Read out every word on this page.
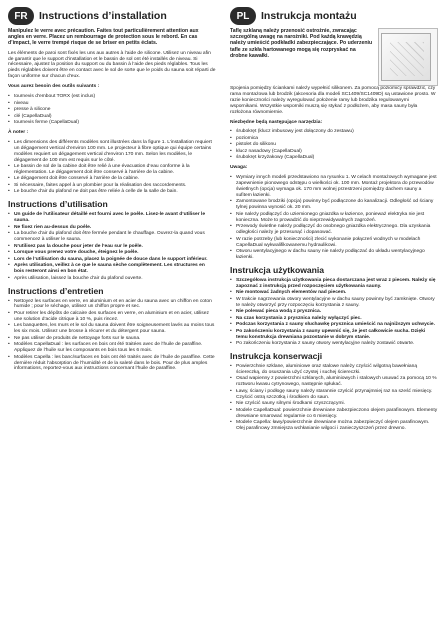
FR	Instructions d’installation
Manipulez le verre avec précaution. Faites tout particulièrement attention aux angles en verre. Placez un rembourrage de protection sous le rebord. En cas d’impact, le verre trempé risque de se briser en petits éclats.

Les éléments de paroi sont fixés les uns aux autres à l’aide de silicone. Utilisez un niveau afin de garantir que le support d’installation et le bassin de sol ont été installés de niveau. Si nécessaire, ajustez la position du support ou du bassin à l’aide des pieds réglables. Tous les pieds réglables doivent être en contact avec le sol de sorte que le poids du sauna soit réparti de façon uniforme sur chacun d’eux.

Vous aurez besoin des outils suivants :

• tournevis d’embout TORX (est inclus)
• niveau
• presse à silicone
• clé (CapellaDual)
• tournevis ferme (CapellaDual)

À noter :

• Les dimensions des différents modèles sont illustrées dans la figure 1. L’installation requiert un dégagement vertical d’environ 100 mm. Le projecteur à fibre optique qui équipe certains modèles requiert un dégagement vertical d’environ 170 mm. Selon les modèles, le dégagement de 100 mm est requis sur le côté.
• Le bassin de sol de la cabine doit être relié à une évacuation d’eau conforme à la réglementation. Le dégagement doit être conservé à l’arrière de la cabine.
• Le dégagement doit être conservé à l’arrière de la cabine.
• Si nécessaire, faites appel à un plombier pour la réalisation des raccordements.
• Le bouche d’air du plafond ne doit pas être reliée à celle de la salle de bain.
Instructions d’utilisation
• Un guide de l’utilisateur détaillé est fourni avec le poêle. Lisez-le avant d’utiliser le sauna.
• Ne fixez rien au-dessus du poêle.
• La bouche d’air du plafond doit être fermée pendant le chauffage. Ouvrez-la quand vous commencez à utiliser le sauna.
• N’utilisez pas la douche pour jeter de l’eau sur le poêle.
• Lorsque vous prenez votre douche, éteignez le poêle.
• Lors de l’utilisation du sauna, placez la poignée de douce dans le support inférieur.
• Après utilisation, veillez à ce que le sauna sèche complètement. Les structures en bois resteront ainsi en bon état.
• Après utilisation, laissez la bouche d’air du plafond ouverte.
Instructions d’entretien
• Nettoyez les surfaces en verre, en aluminium et en acier du sauna avec un chiffon en coton humide ; pour le séchage, utilisez un chiffon propre et sec.
• Pour retirer les dépôts de calcaire des surfaces en verre, en aluminium et en acier, utilisez une solution d’acide citrique à 10 %, puis rincez.
• Les banquettes, les murs et le sol du sauna doivent être soigneusement lavés au moins tous les six mois. Utilisez une brosse à récurer et du détergent pour sauna.
• Ne pas utiliser de produits de nettoyage forts sur le sauna.
• Modèles CapellaDual : les surfaces en bois ont été traitées avec de l’huile de paraffine. Appliquez de l’huile sur les composants en bois tous les 6 mois.
• Modèles Capella : les banc/surfaces en bois ont été traités avec de l’huile de paraffine. Cette dernière réduit l’absorption de l’humidité et de la saleté dans le bois. Pour de plus amples informations, reportez-vous aux instructions concernant l’huile de paraffine.
PL	Instrukcja montażu
Taflę szklaną należy przenosić ostrożnie, zwracając szczególną uwagę na narożniki. Pod każdą krawędzią należy umieścić podkładki zabezpieczające. Po uderzeniu tafle ze szkła hartowanego mogą się rozpryskać na drobne kawałki.

Spojenia pomiędzy ściankami należy wypełnić silikonem. Za pomocą poziomicy sprawdzić, czy rama montażowa lub brodzik (akcesoria dla modeli SC1409/SC1409D) są ustawione prosto. W razie konieczności należy wyregulować położenie ramy lub brodzika regulowanymi wspornikami. Wszystkie wsporniki muszą się stykać z podłożem, aby masa sauny była rozłożona równomiernie.

Niezbędne będą następujące narzędzia:

• śrubokręt (klucz imbusowy jest dołączony do zestawu)
• poziomica
• pistolet do silikonu
• klucz nasadowy (CapellaDual)
• śrubokręt krzyżakowy (CapellaDual)

Uwaga:

• Wymiary innych modeli przedstawiono na rysunku 1. W celach montażowych wymagane jest zapewnienie pionowego odstępu o wielkości ok. 100 mm. Montaż projektora do przewodów świetlnych (opcja) wymaga ok. 170 mm wolnej przestrzeni pomiędzy dachem sauny a sufitem łazienki.
• Zamontowane brodziki (opcja) powinny być podłączone do kanalizacji. Odległość od ściany tylnej powinna wynosić ok. 20 mm.
• Nie należy podłączyć do uziemionego gniazdka w łazience, ponieważ elektryka nie jest konieczna. Może to prowadzić do nieprzewidywalnych zagrożeń.
• Przewody świetlne należy podłączyć do osobnego gniazdka elektrycznego. Dla uzyskania odległości należy je przesunąć i dopasować.
• W razie potrzeby (lub konieczności) zlecić wykonanie połączeń wodnych w modelach CapellaDual wykwalifikowanemu hydraulikowi.
• Otworu wentylacyjnego w dachu sauny nie należy podłączać do układu wentylacyjnego łazienki.
Instrukcja użytkowania
• Szczegółowa instrukcja użytkowania pieca dostarczana jest wraz z piecem. Należy się zapoznać z instrukcją przed rozpoczęciem użytkowania sauny.
• Nie montować żadnych elementów nad piecem.
• W trakcie nagrzewania otwory wentylacyjne w dachu sauny powinny być zamknięte. Otwory te należy otworzyć przy rozpoczęciu korzystania z sauny.
• Nie polewać pieca wodą z prysznica.
• Na czas korzystania z prysznica należy wyłączyć piec.
• Podczas korzystania z sauny słuchawkę prysznica umieścić na najniższym uchwycie.
• Po zakończeniu korzystania z sauny upewnić się, że jest całkowicie sucha. Dzięki temu konstrukcja drewniana pozostanie w dobrym stanie.
• Po zakończeniu korzystania z sauny otwory wentylacyjne należy zostawić otwarte.
Instrukcja konserwacji
• Powierzchnie szklane, aluminiowe oraz stalowe należy czyścić wilgotną bawełnianą ściereczką, do osuszania użyć czystej i suchej ściereczki.
• Osad wapienny z powierzchni szklanych, aluminiowych i stalowych usuwać za pomocą 10 % roztworu kwasu cytrynowego, następnie spłukać.
• Ławy, ściany i podłogę sauny należy starannie czyścić przynajmniej raz na sześć miesięcy. Czyścić ostrą szczotką i środkiem do saun.
• Nie czyścić sauny silnymi środkami czyszczącymi.
• Modele CapellaDual: powierzchnie drewniane zabezpieczono olejem parafinowym. Elementy drewniane smarować regularnie co 6 miesięcy.
• Modele Capella: ławy/powierzchnie drewniane można zabezpieczyć olejem parafinowym. Olej parafinowy zmniejsza wchłanianie wilgoci i zanieczyszczeń przez drewno.
